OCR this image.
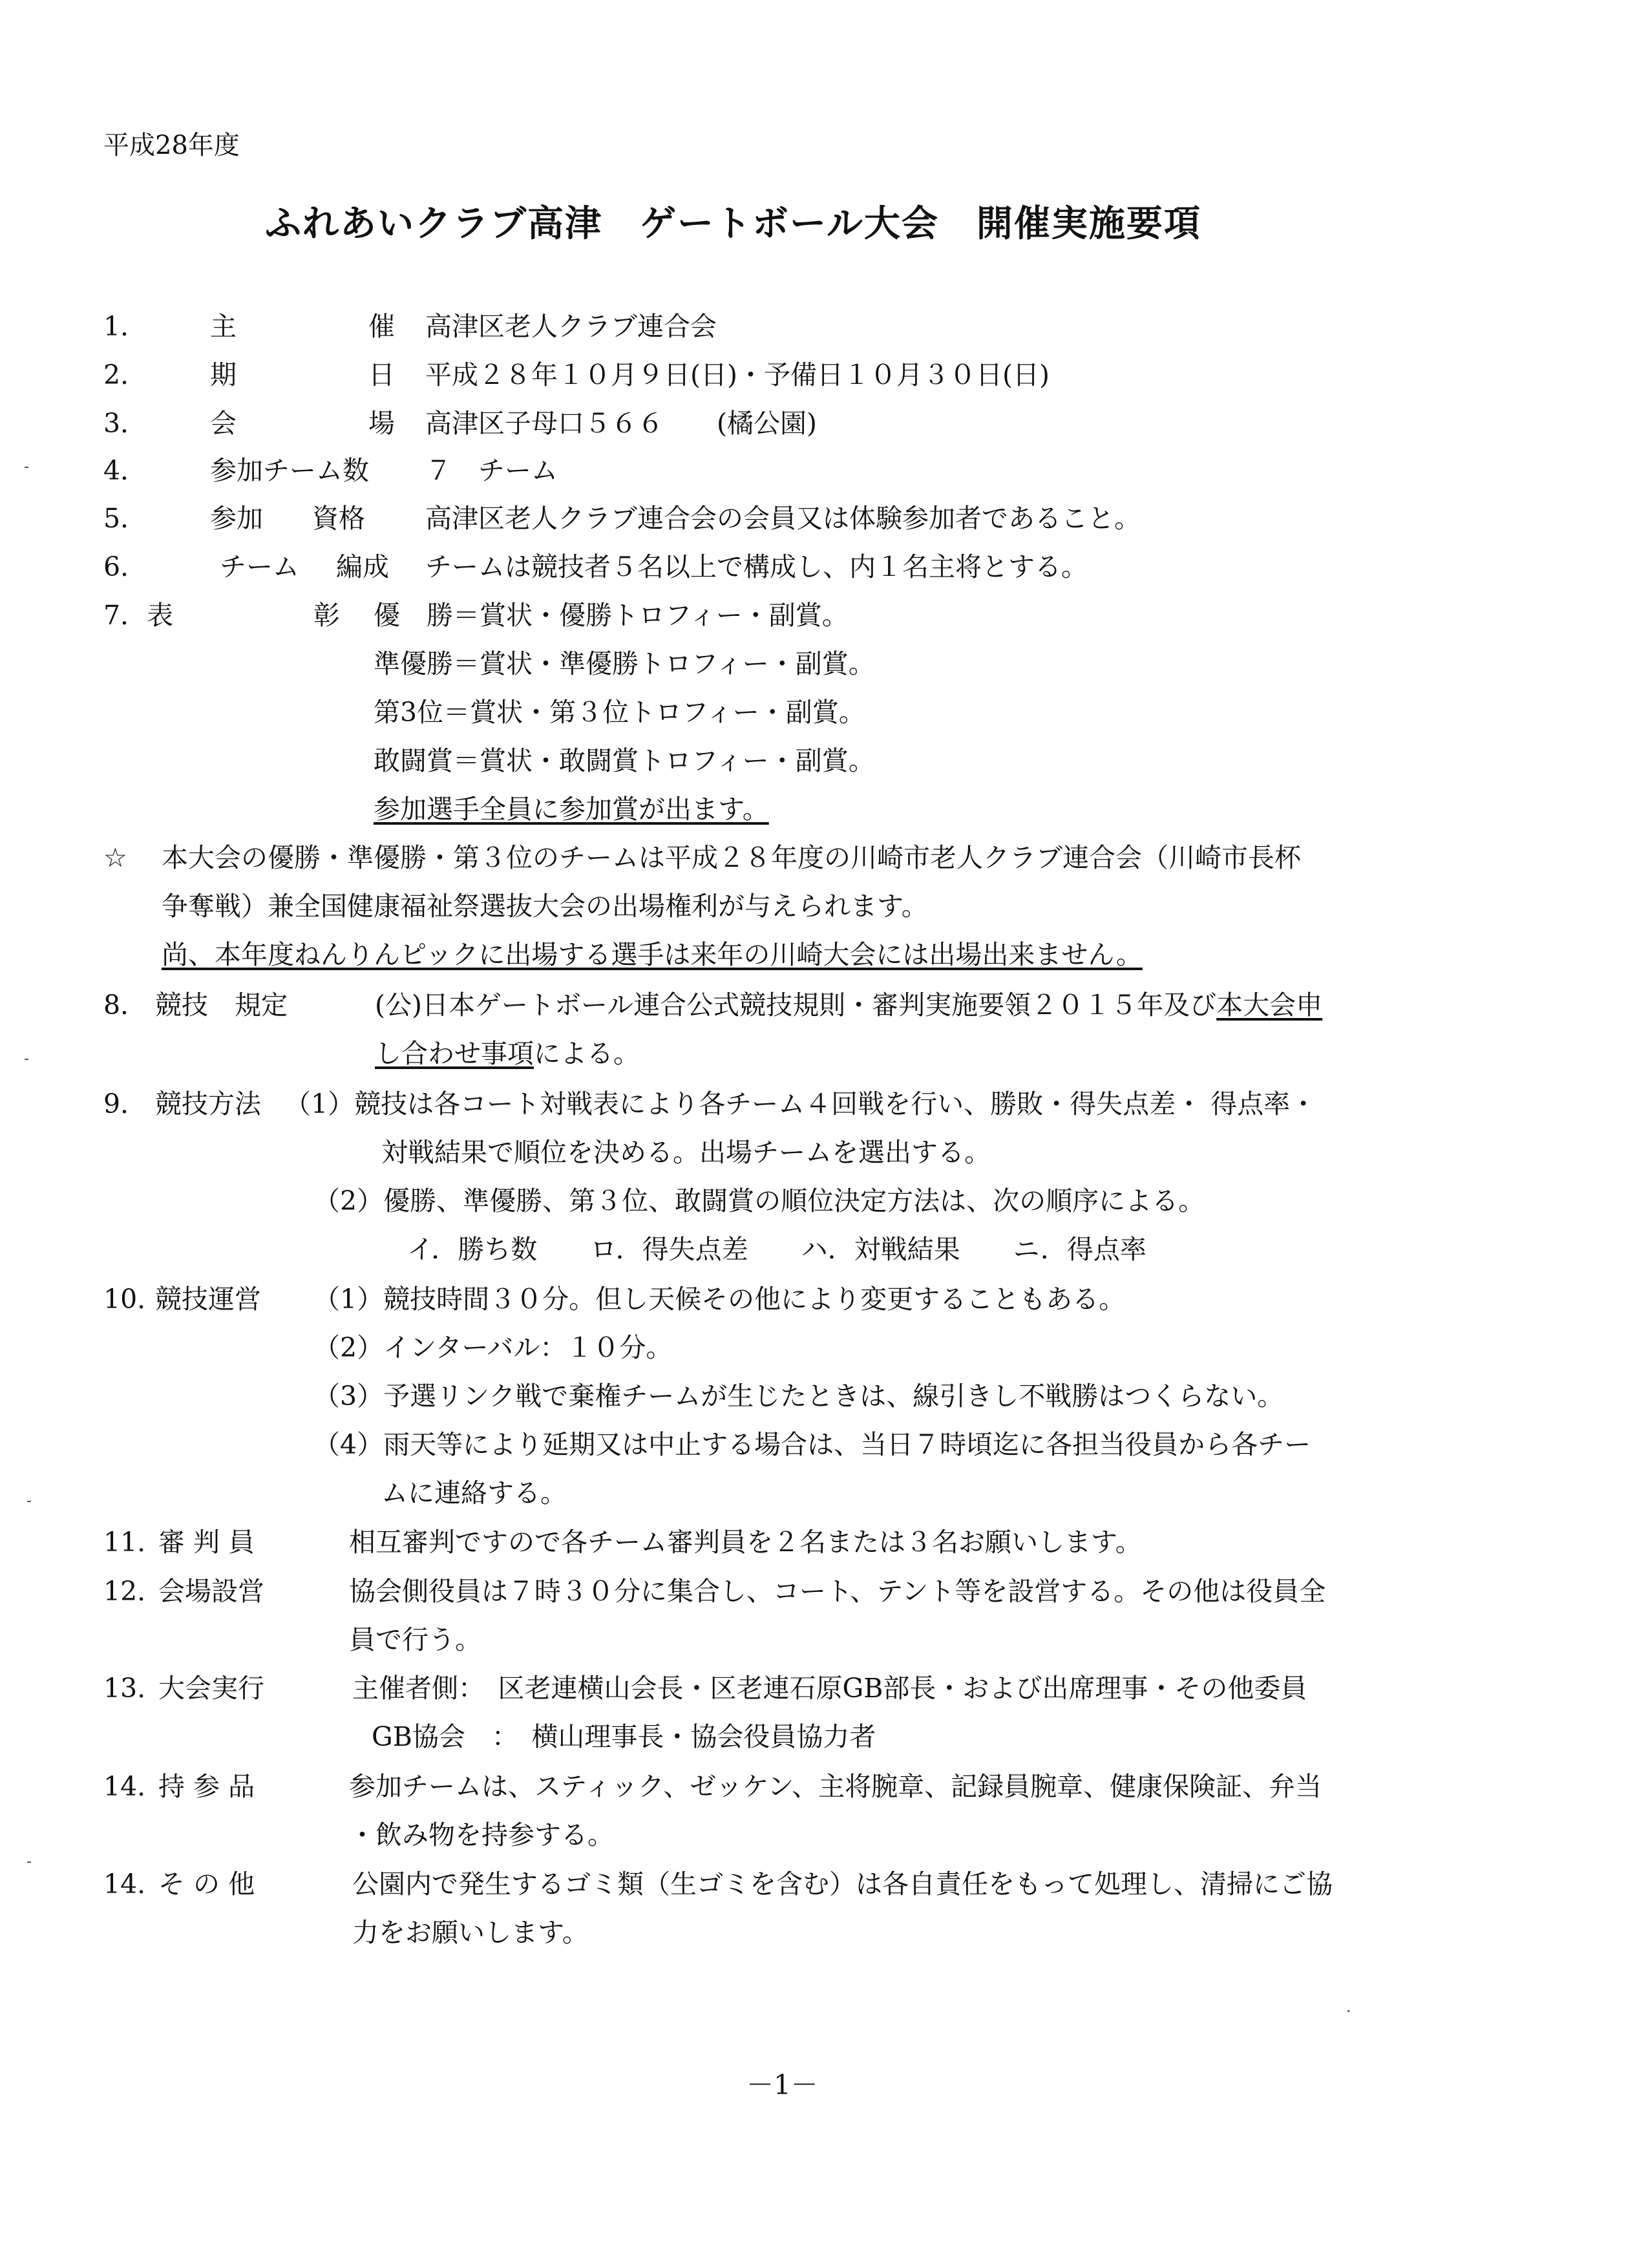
平成28年度
ふれあいクラブ高津　ゲートボール大会　開催実施要項
1． 主	催 高津区老人クラブ連合会
2． 期	日 平成２８年１０月９日(日)・予備日１０月３０日(日)
3． 会	場 高津区子母口５６６　　(橘公園)
4． 参加チーム数 ７　チーム
5． 参加 資格 高津区老人クラブ連合会の会員又は体験参加者であること。
6．	チーム 編成 チームは競技者５名以上で構成し、内１名主将とする。
7．表	彰 優　勝＝賞状・優勝トロフィー・副賞。
準優勝＝賞状・準優勝トロフィー・副賞。
第3位＝賞状・第３位トロフィー・副賞。
敢闘賞＝賞状・敢闘賞トロフィー・副賞。
参加選手全員に参加賞が出ます。
☆ 本大会の優勝・準優勝・第３位のチームは平成２８年度の川崎市老人クラブ連合会（川崎市長杯
争奪戦）兼全国健康福祉祭選抜大会の出場権利が与えられます。
尚、本年度ねんりんピックに出場する選手は来年の川崎大会には出場出来ません。
8． 競技　規定	(公)日本ゲートボール連合公式競技規則・審判実施要領２０１５年及び本大会申
し合わせ事項による。
9． 競技方法 （1）競技は各コート対戦表により各チーム４回戦を行い、勝敗・得失点差・ 得点率・
対戦結果で順位を決める。出場チームを選出する。
（2）優勝、準優勝、第３位、敢闘賞の順位決定方法は、次の順序による。
イ．勝ち数　　ロ．得失点差　　ハ．対戦結果　　ニ．得点率
10. 競技運営 （1）競技時間３０分。但し天候その他により変更することもある。
（2）インターバル：１０分。
（3）予選リンク戦で棄権チームが生じたときは、線引きし不戦勝はつくらない。
（4）雨天等により延期又は中止する場合は、当日７時頃迄に各担当役員から各チー
ムに連絡する。
11. 審 判 員	相互審判ですので各チーム審判員を２名または３名お願いします。
12. 会場設営	協会側役員は７時３０分に集合し、コート、テント等を設営する。その他は役員全
員で行う。
13. 大会実行	主催者側：　区老連横山会長・区老連石原GB部長・および出席理事・その他委員
GB協会　：　横山理事長・協会役員協力者
14. 持 参 品	参加チームは、スティック、ゼッケン、主将腕章、記録員腕章、健康保険証、弁当
・飲み物を持参する。
14. そ の 他	公園内で発生するゴミ類（生ゴミを含む）は各自責任をもって処理し、清掃にご協
力をお願いします。
－1－
